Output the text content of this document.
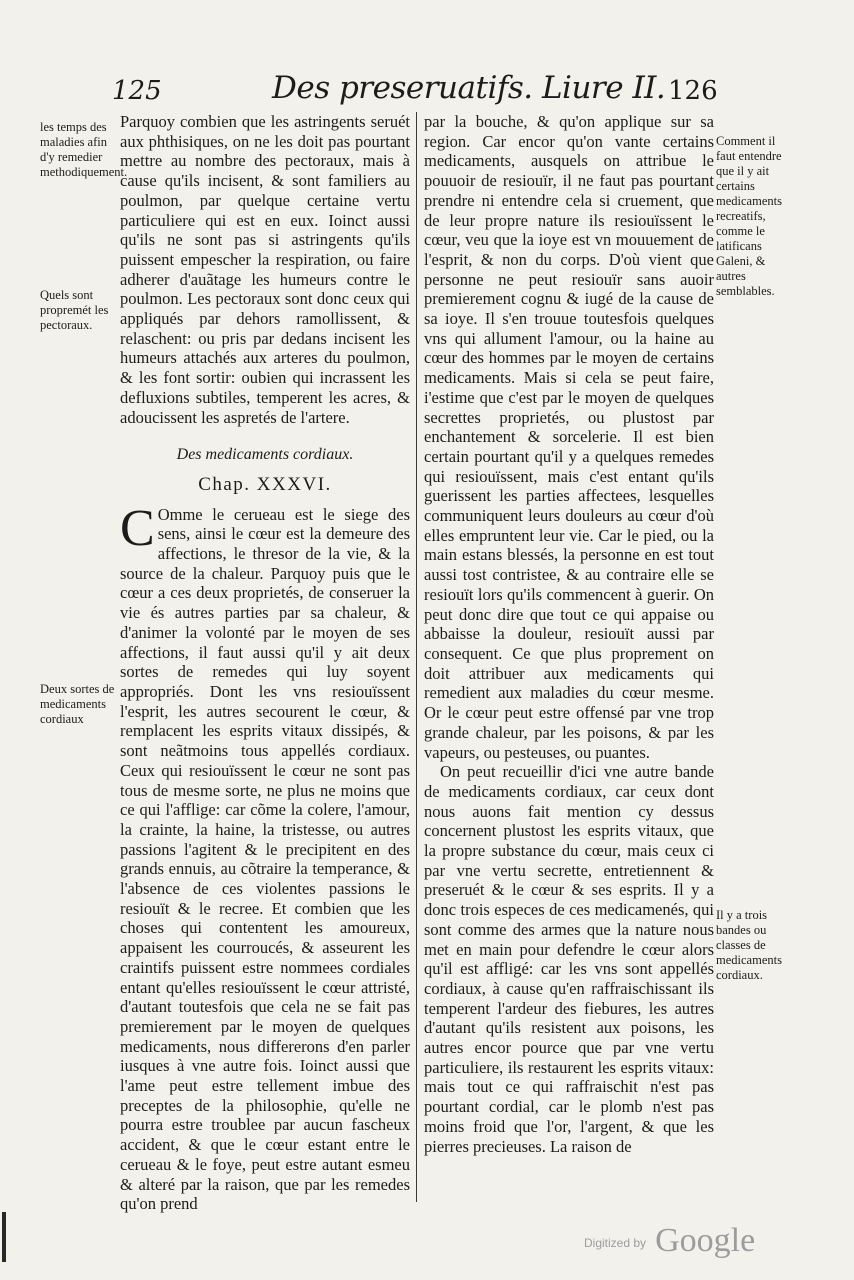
125	Des preseruatifs. Liure II. 126
les temps des maladies afin d'y remedier methodiquement.
Quels sont propremét les pectoraux.
Deux sortes de medicaments cordiaux
Comment il faut entendre que il y ait certains medicaments recreatifs, comme le latificans Galeni, & autres semblables.
Il y a trois bandes ou classes de medicaments cordiaux.

Parquoy combien que les astringents seruét aux phthisiques, on ne les doit pas pourtant mettre au nombre des pectoraux, mais à cause qu'ils incisent, & sont familiers au poulmon, par quelque certaine vertu particuliere qui est en eux. Ioinct aussi qu'ils ne sont pas si astringents qu'ils puissent empescher la respiration, ou faire adherer d'auãtage les humeurs contre le poulmon. Les pectoraux sont donc ceux qui appliqués par dehors ramollissent, & relaschent: ou pris par dedans incisent les humeurs attachés aux arteres du poulmon, & les font sortir: oubien qui incrassent les defluxions subtiles, temperent les acres, & adoucissent les aspretés de l'artere.

Des medicaments cordiaux.

Chap. XXXVI.

C Omme le cerueau est le siege des sens, ainsi le cœur est la demeure des affections, le thresor de la vie, & la source de la chaleur. Parquoy puis que le cœur a ces deux proprietés, de conseruer la vie és autres parties par sa chaleur, & d'animer la volonté par le moyen de ses affections, il faut aussi qu'il y ait deux sortes de remedes qui luy soyent appropriés. Dont les vns resiouïssent l'esprit, les autres secourent le cœur, & remplacent les esprits vitaux dissipés, & sont neãtmoins tous appellés cordiaux. Ceux qui resiouïssent le cœur ne sont pas tous de mesme sorte, ne plus ne moins que ce qui l'afflige: car cõme la colere, l'amour, la crainte, la haine, la tristesse, ou autres passions l'agitent & le precipitent en des grands ennuis, au cõtraire la temperance, & l'absence de ces violentes passions le resiouït & le recree. Et combien que les choses qui contentent les amoureux, appaisent les courroucés, & asseurent les craintifs puissent estre nommees cordiales entant qu'elles resiouïssent le cœur attristé, d'autant toutesfois que cela ne se fait pas premierement par le moyen de quelques medicaments, nous differerons d'en parler iusques à vne autre fois. Ioinct aussi que l'ame peut estre tellement imbue des preceptes de la philosophie, qu'elle ne pourra estre troublee par aucun fascheux accident, & que le cœur estant entre le cerueau & le foye, peut estre autant esmeu & alteré par la raison, que par les remedes qu'on prend

par la bouche, & qu'on applique sur sa region. Car encor qu'on vante certains medicaments, ausquels on attribue le pouuoir de resiouïr, il ne faut pas pourtant prendre ni entendre cela si cruement, que de leur propre nature ils resiouïssent le cœur, veu que la ioye est vn mouuement de l'esprit, & non du corps. D'où vient que personne ne peut resiouïr sans auoir premierement cognu & iugé de la cause de sa ioye. Il s'en trouue toutesfois quelques vns qui allument l'amour, ou la haine au cœur des hommes par le moyen de certains medicaments. Mais si cela se peut faire, i'estime que c'est par le moyen de quelques secrettes proprietés, ou plustost par enchantement & sorcelerie. Il est bien certain pourtant qu'il y a quelques remedes qui resiouïssent, mais c'est entant qu'ils guerissent les parties affectees, lesquelles communiquent leurs douleurs au cœur d'où elles empruntent leur vie. Car le pied, ou la main estans blessés, la personne en est tout aussi tost contristee, & au contraire elle se resiouït lors qu'ils commencent à guerir. On peut donc dire que tout ce qui appaise ou abbaisse la douleur, resiouït aussi par consequent. Ce que plus proprement on doit attribuer aux medicaments qui remedient aux maladies du cœur mesme. Or le cœur peut estre offensé par vne trop grande chaleur, par les poisons, & par les vapeurs, ou pesteuses, ou puantes.

On peut recueillir d'ici vne autre bande de medicaments cordiaux, car ceux dont nous auons fait mention cy dessus concernent plustost les esprits vitaux, que la propre substance du cœur, mais ceux ci par vne vertu secrette, entretiennent & preseruét & le cœur & ses esprits. Il y a donc trois especes de ces medicamenés, qui sont comme des armes que la nature nous met en main pour defendre le cœur alors qu'il est affligé: car les vns sont appellés cordiaux, à cause qu'en raffraischissant ils temperent l'ardeur des fiebures, les autres d'autant qu'ils resistent aux poisons, les autres encor pource que par vne vertu particuliere, ils restaurent les esprits vitaux: mais tout ce qui raffraischit n'est pas pourtant cordial, car le plomb n'est pas moins froid que l'or, l'argent, & que les pierres precieuses. La raison de

Digitized by Google
